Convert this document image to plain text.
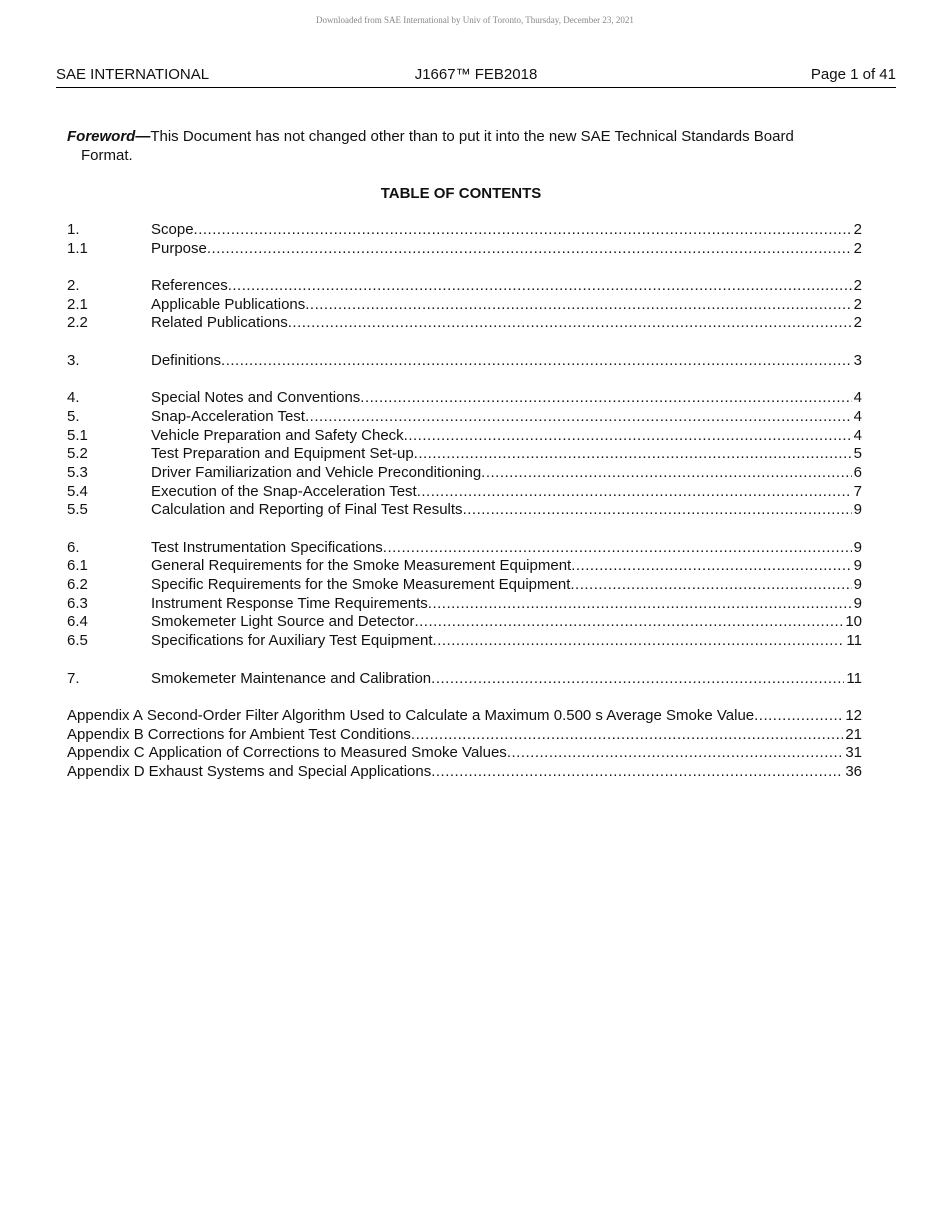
Downloaded from SAE International by Univ of Toronto, Thursday, December 23, 2021
J1667™ FEB2018
SAE INTERNATIONAL	Page 1 of 41
Foreword—This Document has not changed other than to put it into the new SAE Technical Standards Board
Format.
TABLE OF CONTENTS
1.	Scope .....	2
1.1	Purpose .....	2
2.	References .....	2
2.1	Applicable Publications .....	2
2.2	Related Publications .....	2
3.	Definitions .....	3
4.	Special Notes and Conventions .....	4
5.	Snap-Acceleration Test .....	4
5.1	Vehicle Preparation and Safety Check .....	4
5.2	Test Preparation and Equipment Set-up .....	5
5.3	Driver Familiarization and Vehicle Preconditioning .....	6
5.4	Execution of the Snap-Acceleration Test .....	7
5.5	Calculation and Reporting of Final Test Results .....	9
6.	Test Instrumentation Specifications .....	9
6.1	General Requirements for the Smoke Measurement Equipment .....	9
6.2	Specific Requirements for the Smoke Measurement Equipment .....	9
6.3	Instrument Response Time Requirements .....	9
6.4	Smokemeter Light Source and Detector .....	10
6.5	Specifications for Auxiliary Test Equipment .....	11
7.	Smokemeter Maintenance and Calibration .....	11
Appendix A Second-Order Filter Algorithm Used to Calculate a Maximum 0.500 s Average Smoke Value .....	12
Appendix B Corrections for Ambient Test Conditions .....	21
Appendix C Application of Corrections to Measured Smoke Values .....	31
Appendix D Exhaust Systems and Special Applications .....	36
